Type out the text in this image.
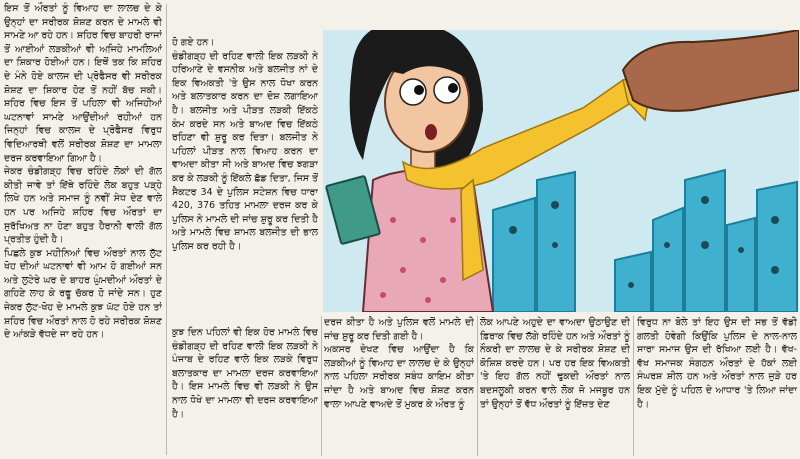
ਇਸ ਤੋਂ ਔਰਤਾਂ ਨੂੰ ਵਿਆਹ ਦਾ ਲਾਲਚ ਦੇ ਕੇ ਉਨ੍ਹਾਂ ਦਾ ਸਰੀਰਕ ਸ਼ੋਸ਼ਣ ਕਰਨ ਦੇ ਮਾਮਲੇ ਵੀ ਸਾਮਣੇ ਆ ਰਹੇ ਹਨ। ਸ਼ਹਿਰ ਵਿਚ ਬਾਹਰੀ ਰਾਜਾਂ ਤੋਂ ਆਈਆਂ ਲੜਕੀਆਂ ਵੀ ਅਜਿਹੇ ਮਾਮਲਿਆਂ ਦਾ ਸ਼ਿਕਾਰ ਹੋਈਆਂ ਹਨ। ਇਥੋਂ ਤਕ ਕਿ ਸ਼ਹਿਰ ਦੇ ਮੰਨੇ ਹੋਏ ਕਾਲਜ ਦੀ ਪ੍ਰੋਫੈਸਰ ਵੀ ਸਰੀਰਕ ਸ਼ੋਸ਼ਣ ਦਾ ਸ਼ਿਕਾਰ ਹੋਣ ਤੋਂ ਨਹੀਂ ਬੱਚ ਸਕੀ। ਸ਼ਹਿਰ ਵਿਚ ਇਸ ਤੋਂ ਪਹਿਲਾ ਵੀ ਅਜਿਹੀਆਂ ਘਟਨਾਵਾਂ ਸਾਮਣੇ ਆਉਂਦੀਆਂ ਰਹੀਆਂ ਹਨ ਜਿਨ੍ਹਾਂ ਵਿਚ ਕਾਲਜ ਦੇ ਪ੍ਰੋਫੈਸਰ ਵਿਰੁਧ ਵਿਦਿਆਰਥੀ ਵਲੋਂ ਸਰੀਰਕ ਸ਼ੋਸ਼ਣ ਦਾ ਮਾਮਲਾ ਦਰਜ ਕਰਵਾਇਆ ਗਿਆ ਹੈ।

ਜੇਕਰ ਚੰਡੀਗੜ੍ਹ ਵਿਚ ਰਹਿੰਦੇ ਲੋਕਾਂ ਦੀ ਗੱਲ ਕੀਤੀ ਜਾਵੇ ਤਾਂ ਇੱਥੇ ਰਹਿੰਦੇ ਲੋਕ ਬਹੁਤ ਪੜ੍ਹੇ ਲਿਖੇ ਹਨ ਅਤੇ ਸਮਾਜ ਨੂੰ ਨਵੀਂ ਸੇਧ ਦੇਣ ਵਾਲੇ ਹਨ ਪਰ ਅਜਿਹੇ ਸ਼ਹਿਰ ਵਿਚ ਔਰਤਾਂ ਦਾ ਸੁਰੱਖਿਅਤ ਨਾ ਹੋਣਾ ਬਹੁਤ ਹੈਰਾਨੀ ਵਾਲੀ ਗੱਲ ਪ੍ਰਤੀਤ ਹੁੰਦੀ ਹੈ।

ਪਿਛਲੇ ਕੁਝ ਮਹੀਨਿਆਂ ਵਿਚ ਔਰਤਾਂ ਨਾਲ ਲੁੱਟ ਖੋਹ ਦੀਆਂ ਘਟਨਾਵਾਂ ਵੀ ਆਮ ਹੋ ਗਈਆਂ ਸਨ ਅਤੇ ਲੁਟੇਰੇ ਘਰ ਦੇ ਬਾਹਰ ਘੁੰਮਦੀਆਂ ਔਰਤਾਂ ਦੇ ਗਹਿਣੇ ਲਾਹ ਕੇ ਰਫੂ ਚੱਕਰ ਹੋ ਜਾਂਦੇ ਸਨ। ਹੁਣ ਜੇਕਰ ਲੁੱਟ-ਖੋਹ ਦੇ ਮਾਮਲੇ ਕੁਝ ਘੱਟ ਹੋਏ ਹਨ ਤਾਂ ਸ਼ਹਿਰ ਵਿਚ ਔਰਤਾਂ ਨਾਲ ਹੋ ਰਹੇ ਸਰੀਰਕ ਸ਼ੋਸ਼ਣ ਦੇ ਆਂਕੜੇ ਵੱਧਦੇ ਜਾ ਰਹੇ ਹਨ।

ਹੋ ਗਏ ਹਨ।

ਚੰਡੀਗੜ੍ਹ ਦੀ ਰਹਿਣ ਵਾਲੀ ਇਕ ਲੜਕੀ ਨੇ ਹਰਿਆਣੇ ਦੇ ਵਸਨੀਕ ਅਤੇ ਬਲਜੀਤ ਨਾਂ ਦੇ ਇਕ ਵਿਅਕਤੀ 'ਤੇ ਉਸ ਨਾਲ ਧੋਖਾ ਕਰਨ ਅਤੇ ਬਲਾਤਕਾਰ ਕਰਨ ਦਾ ਦੋਸ਼ ਲਗਾਇਆ ਹੈ। ਬਲਜੀਤ ਅਤੇ ਪੀੜਤ ਲੜਕੀ ਇੱਕਠੇ ਕੰਮ ਕਰਦੇ ਸਨ ਅਤੇ ਬਾਅਦ ਵਿਚ ਇੱਕਠੇ ਰਹਿਣਾ ਵੀ ਸ਼ੁਰੂ ਕਰ ਦਿਤਾ। ਬਲਜੀਤ ਨੇ ਪਹਿਲਾਂ ਪੀੜਤ ਨਾਲ ਵਿਆਹ ਕਰਨ ਦਾ ਵਾਅਦਾ ਕੀਤਾ ਸੀ ਅਤੇ ਬਾਅਦ ਵਿਚ ਝਗੜਾ ਕਰ ਕੇ ਲੜਕੀ ਨੂੰ ਇੱਕਲੇ ਛੱਡ ਦਿਤਾ, ਜਿਸ ਤੋਂ ਸੈਕਟਰ 34 ਦੇ ਪੁਲਿਸ ਸਟੇਸ਼ਨ ਵਿਚ ਧਾਰਾ 420, 376 ਤਹਿਤ ਮਾਮਲਾ ਦਰਜ ਕਰ ਕੇ ਪੁਲਿਸ ਨੇ ਮਾਮਲੇ ਦੀ ਜਾਂਚ ਸ਼ੁਰੂ ਕਰ ਦਿਤੀ ਹੈ ਅਤੇ ਮਾਮਲੇ ਵਿਚ ਸ਼ਾਮਲ ਬਲਜੀਤ ਦੀ ਭਾਲ ਪੁਲਿਸ ਕਰ ਰਹੀ ਹੈ।

ਕੁਝ ਦਿਨ ਪਹਿਲਾਂ ਵੀ ਇਕ ਹੋਰ ਮਾਮਲੇ ਵਿਚ ਚੰਡੀਗੜ੍ਹ ਦੀ ਰਹਿਣ ਵਾਲੀ ਇਕ ਲੜਕੀ ਨੇ ਪੰਜਾਬ ਦੇ ਰਹਿਣ ਵਾਲੇ ਇਕ ਲੜਕੇ ਵਿਰੁਧ ਬਲਾਤਕਾਰ ਦਾ ਮਾਮਲਾ ਦਰਜ ਕਰਵਾਇਆ ਹੈ। ਇਸ ਮਾਮਲੇ ਵਿਚ ਵੀ ਲੜਕੀ ਨੇ ਉਸ ਨਾਲ ਧੋਖੇ ਦਾ ਮਾਮਲਾ ਵੀ ਦਰਜ ਕਰਵਾਇਆ ਹੈ।

ਦਰਜ ਕੀਤਾ ਹੈ ਅਤੇ ਪੁਲਿਸ ਵਲੋਂ ਮਾਮਲੇ ਦੀ ਜਾਂਚ ਸ਼ੁਰੂ ਕਰ ਦਿਤੀ ਗਈ ਹੈ।

ਅਕਸਰ ਦੇਖਣ ਵਿਚ ਆਉਂਦਾ ਹੈ ਕਿ ਲੜਕੀਆਂ ਨੂੰ ਵਿਆਹ ਦਾ ਲਾਲਚ ਦੇ ਕੇ ਉਨ੍ਹਾਂ ਨਾਲ ਪਹਿਲਾ ਸਰੀਰਕ ਸਬੰਧ ਕਾਇਮ ਕੀਤਾ ਜਾਂਦਾ ਹੈ ਅਤੇ ਬਾਅਦ ਵਿਚ ਸ਼ੋਸ਼ਣ ਕਰਨ ਵਾਲਾ ਆਪਣੇ ਵਾਅਦੇ ਤੋਂ ਮੁਕਰ ਕੇ ਔਰਤ ਨੂੰ

ਲੋਕ ਆਪਣੇ ਅਹੁਦੇ ਦਾ ਵਾਅਦਾ ਉਠਾਉਣ ਦੀ ਫ਼ਿਰਾਕ ਵਿਚ ਲੱਗੇ ਰਹਿੰਦੇ ਹਨ ਅਤੇ ਔਰਤਾਂ ਨੂੰ ਨੌਕਰੀ ਦਾ ਲਾਲਚ ਦੇ ਕੇ ਸਰੀਰਕ ਸ਼ੋਸ਼ਣ ਦੀ ਕੋਸ਼ਿਸ਼ ਕਰਦੇ ਹਨ। ਪਰ ਹਰ ਇਕ ਵਿਅਕਤੀ 'ਤੇ ਇਹ ਗੱਲ ਨਹੀਂ ਢੁਕਦੀ ਔਰਤਾਂ ਨਾਲ ਬਦਸਲੂਕੀ ਕਰਨ ਵਾਲੇ ਲੋਕ ਜੋ ਮਜਬੂਰ ਹਨ ਤਾਂ ਉਨ੍ਹਾਂ ਤੋਂ ਵੱਧ ਔਰਤਾਂ ਨੂੰ ਇੱਜ਼ਤ ਦੇਣ

ਵਿਰੁਧ ਨਾ ਬੋਲੇ ਤਾਂ ਇਹ ਉਸ ਦੀ ਸਭ ਤੋਂ ਵੱਡੀ ਗਲਤੀ ਹੋਵੇਗੀ ਕਿਉਂਕਿ ਪੁਲਿਸ ਦੇ ਨਾਲ-ਨਾਲ ਸਾਰਾ ਸਮਾਜ ਉਸ ਦੀ ਰੱਖਿਆ ਲਈ ਹੈ। ਵੱਖ-ਵੱਖ ਸਮਾਜਕ ਸੰਗਠਨ ਔਰਤਾਂ ਦੇ ਹੱਕਾਂ ਲਈ ਸੰਘਰਸ਼ ਸ਼ੀਲ ਹਨ ਅਤੇ ਔਰਤਾਂ ਨਾਲ ਜੁੜੇ ਹਰ ਇਕ ਮੁੱਦੇ ਨੂੰ ਪਹਿਲ ਦੇ ਆਧਾਰ 'ਤੇ ਲਿਆ ਜਾਂਦਾ ਹੈ।
